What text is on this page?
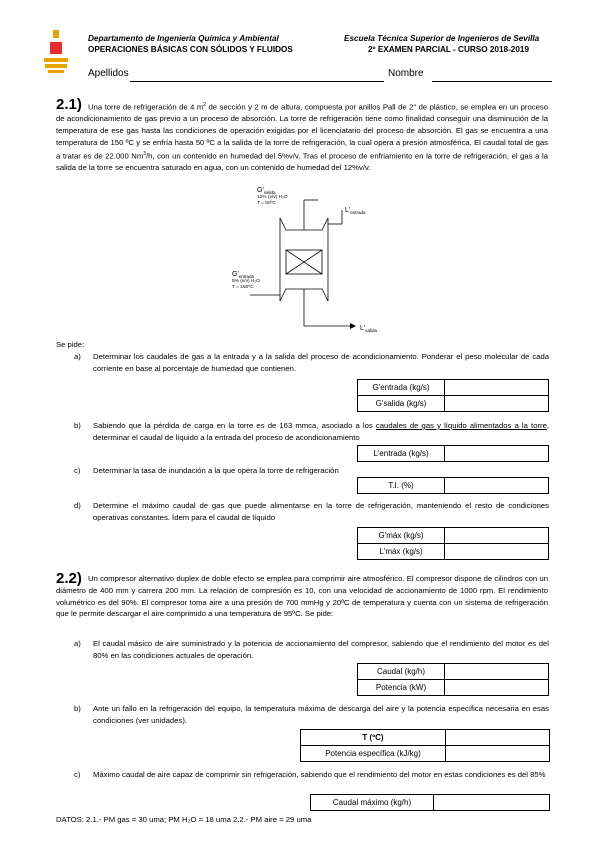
Departamento de Ingeniería Química y Ambiental
OPERACIONES BÁSICAS CON SÓLIDOS Y FLUIDOS
Escuela Técnica Superior de Ingenieros de Sevilla
2º EXAMEN PARCIAL - CURSO 2018-2019
Apellidos	Nombre

Una torre de refrigeración de 4 $m^2$ de sección y 2 m de altura, compuesta por anillos Pall de 2" de plástico, se emplea en un proceso de acondicionamiento de gas previo a un proceso de absorción. La torre de refrigeración tiene como finalidad conseguir una disminución de la temperatura de ese gas hasta las condiciones de operación exigidas por el licenciatario del proceso de absorción. El gas se encuentra a una temperatura de 150 ºC y se enfría hasta 50 ºC a la salida de la torre de refrigeración, la cual opera a presión atmosférica. El caudal total de gas a tratar es de 22.000 Nm$^3$/h, con un contenido en humedad del 5%v/v. Tras el proceso de enfriamiento en la torre de refrigeración, el gas a la salida de la torre se encuentra saturado en agua, con un contenido de humedad del 12%v/v.

2.1)
$G'_{salida}$
12% (v/v) H₂O
T = 50ºC
$L'_{entrada}$
$G'_{entrada}$
5% (v/v) H₂O
T = 150ºC
$L'_{salida}$
Se pide:
a) Determinar los caudales de gas a la entrada y a la salida del proceso de acondicionamiento. Ponderar el peso molecular de cada corriente en base al porcentaje de humedad que contienen.
G'entrada (kg/s)	
G'salida (kg/s)	
b) Sabiendo que la pérdida de carga en la torre es de 163 mmca, asociado a los caudales de gas y líquido alimentados a la torre, determinar el caudal de líquido a la entrada del proceso de acondicionamiento
L'entrada (kg/s)	
c) Determinar la tasa de inundación a la que opera la torre de refrigeración
T.I. (%)	
d) Determine el máximo caudal de gas que puede alimentarse en la torre de refrigeración, manteniendo el resto de condiciones operativas constantes. Ídem para el caudal de líquido
G'máx (kg/s)	
L'máx (kg/s)	
2.2) Un compresor alternativo duplex de doble efecto se emplea para comprimir aire atmosférico. El compresor dispone de cilindros con un diámetro de 400 mm y carrera 200 mm. La relación de compresión es 10, con una velocidad de accionamiento de 1000 rpm. El rendimiento volumétrico es del 90%. El compresor toma aire a una presión de 700 mmHg y 20ºC de temperatura y cuenta con un sistema de refrigeración que le permite descargar el aire comprimido a una temperatura de 95ºC. Se pide:

a) El caudal másico de aire suministrado y la potencia de accionamiento del compresor, sabiendo que el rendimiento del motor es del 80% en las condiciones actuales de operación.
Caudal (kg/h)	
Potencia (kW)	
b) Ante un fallo en la refrigeración del equipo, la temperatura máxima de descarga del aire y la potencia específica necesaria en esas condiciones (ver unidades).
T (ºC)	
Potencia específica (kJ/kg)	
c) Máximo caudal de aire capaz de comprimir sin refrigeración, sabiendo que el rendimiento del motor en estas condiciones es del 85%
Caudal máximo (kg/h)	
DATOS: 2.1.- PM gas = 30 uma; PM H₂O = 18 uma 2.2.- PM aire = 29 uma
